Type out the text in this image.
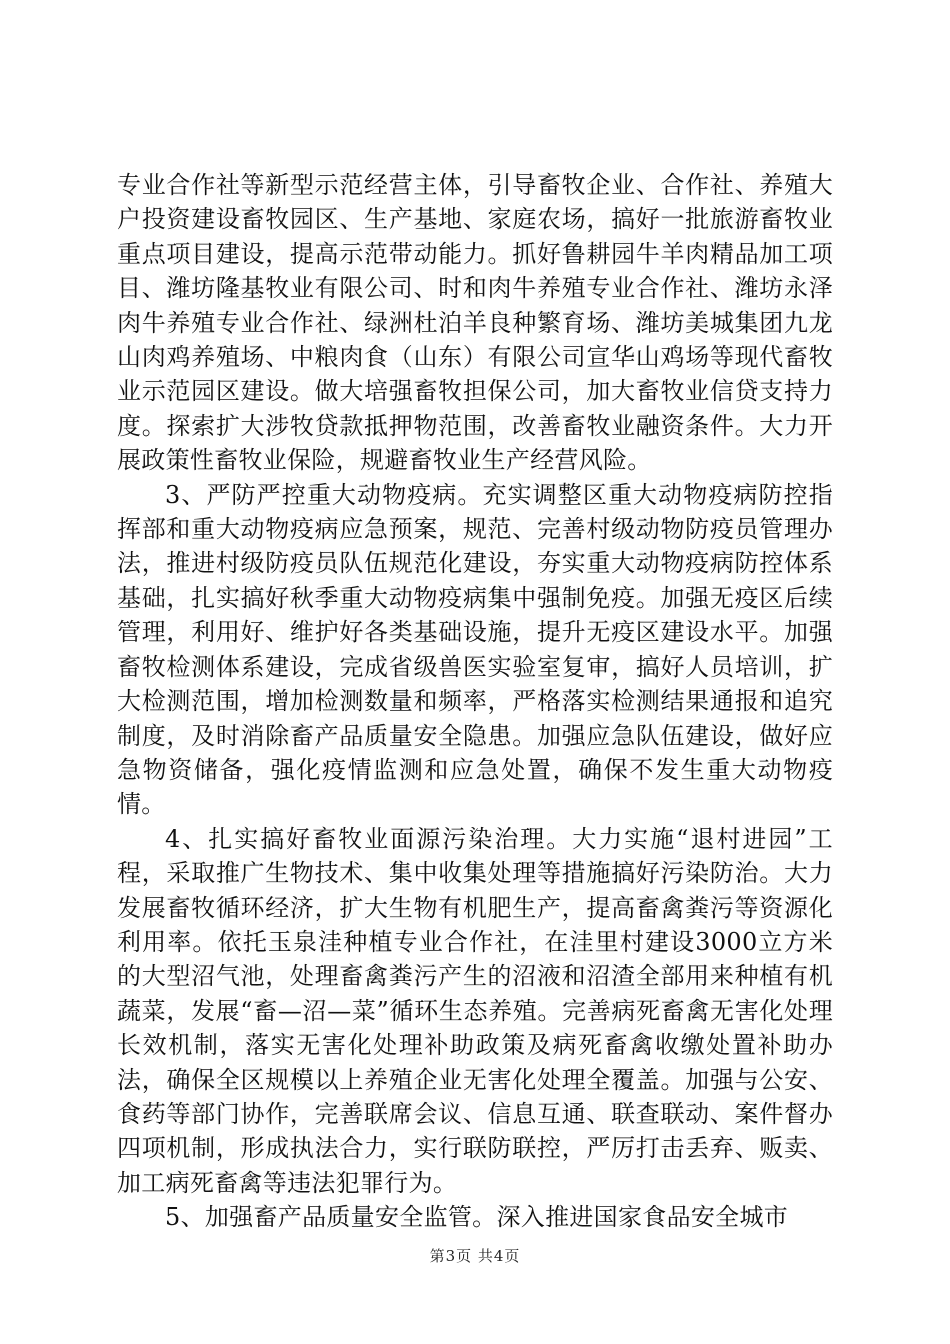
专业合作社等新型示范经营主体，引导畜牧企业、合作社、养殖大户投资建设畜牧园区、生产基地、家庭农场，搞好一批旅游畜牧业重点项目建设，提高示范带动能力。抓好鲁耕园牛羊肉精品加工项目、潍坊隆基牧业有限公司、时和肉牛养殖专业合作社、潍坊永泽肉牛养殖专业合作社、绿洲杜泊羊良种繁育场、潍坊美城集团九龙山肉鸡养殖场、中粮肉食（山东）有限公司宣华山鸡场等现代畜牧业示范园区建设。做大培强畜牧担保公司，加大畜牧业信贷支持力度。探索扩大涉牧贷款抵押物范围，改善畜牧业融资条件。大力开展政策性畜牧业保险，规避畜牧业生产经营风险。

3、严防严控重大动物疫病。充实调整区重大动物疫病防控指挥部和重大动物疫病应急预案，规范、完善村级动物防疫员管理办法，推进村级防疫员队伍规范化建设，夯实重大动物疫病防控体系基础，扎实搞好秋季重大动物疫病集中强制免疫。加强无疫区后续管理，利用好、维护好各类基础设施，提升无疫区建设水平。加强畜牧检测体系建设，完成省级兽医实验室复审，搞好人员培训，扩大检测范围，增加检测数量和频率，严格落实检测结果通报和追究制度，及时消除畜产品质量安全隐患。加强应急队伍建设，做好应急物资储备，强化疫情监测和应急处置，确保不发生重大动物疫情。

4、扎实搞好畜牧业面源污染治理。大力实施“退村进园”工程，采取推广生物技术、集中收集处理等措施搞好污染防治。大力发展畜牧循环经济，扩大生物有机肥生产，提高畜禽粪污等资源化利用率。依托玉泉洼种植专业合作社，在洼里村建设3000立方米的大型沼气池，处理畜禽粪污产生的沼液和沼渣全部用来种植有机蔬菜，发展“畜—沼—菜”循环生态养殖。完善病死畜禽无害化处理长效机制，落实无害化处理补助政策及病死畜禽收缴处置补助办法，确保全区规模以上养殖企业无害化处理全覆盖。加强与公安、食药等部门协作，完善联席会议、信息互通、联查联动、案件督办四项机制，形成执法合力，实行联防联控，严厉打击丢弃、贩卖、加工病死畜禽等违法犯罪行为。

5、加强畜产品质量安全监管。深入推进国家食品安全城市

第3页 共4页
